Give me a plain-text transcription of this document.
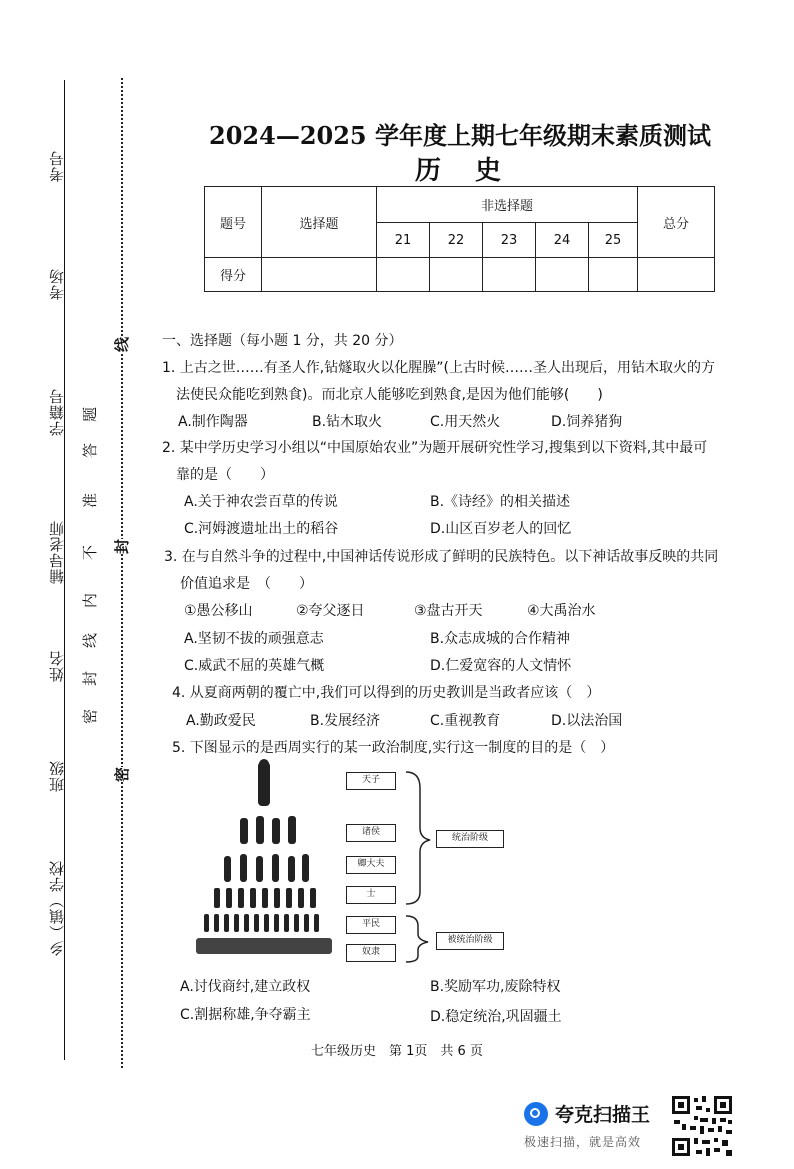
考号
考场
学籍号
辅导老师
姓名
班级
乡（镇）学校
答
题
准
不
内
线
封
密
线
封
密
2024—2025 学年度上期七年级期末素质测试
历　史
题号	选择题	非选择题					总分
		21	22	23	24	25	
得分							
一、选择题（每小题 1 分，共 20 分）
1. 上古之世……有圣人作,钻燧取火以化腥臊”(上古时候……圣人出现后，用钻木取火的方
法使民众能吃到熟食)。而北京人能够吃到熟食,是因为他们能够(　　)
A.制作陶器	B.钻木取火	C.用天然火	D.饲养猪狗
2. 某中学历史学习小组以“中国原始农业”为题开展研究性学习,搜集到以下资料,其中最可
靠的是（　　）
A.关于神农尝百草的传说	B.《诗经》的相关描述
C.河姆渡遗址出土的稻谷	D.山区百岁老人的回忆
3. 在与自然斗争的过程中,中国神话传说形成了鲜明的民族特色。以下神话故事反映的共同
价值追求是　（　　）
①愚公移山	②夸父逐日	③盘古开天	④大禹治水
A.坚韧不拔的顽强意志	B.众志成城的合作精神
C.威武不屈的英雄气概	D.仁爱宽容的人文情怀
4. 从夏商两朝的覆亡中,我们可以得到的历史教训是当政者应该（　）
A.勤政爱民	B.发展经济	C.重视教育	D.以法治国
5. 下图显示的是西周实行的某一政治制度,实行这一制度的目的是（　）
天子
诸侯
卿大夫
士
平民
奴隶
统治阶级
被统治阶级
A.讨伐商纣,建立政权	B.奖励军功,废除特权
C.割据称雄,争夺霸主	D.稳定统治,巩固疆土
七年级历史　第 1页　共 6 页
夸克扫描王
极速扫描，就是高效
